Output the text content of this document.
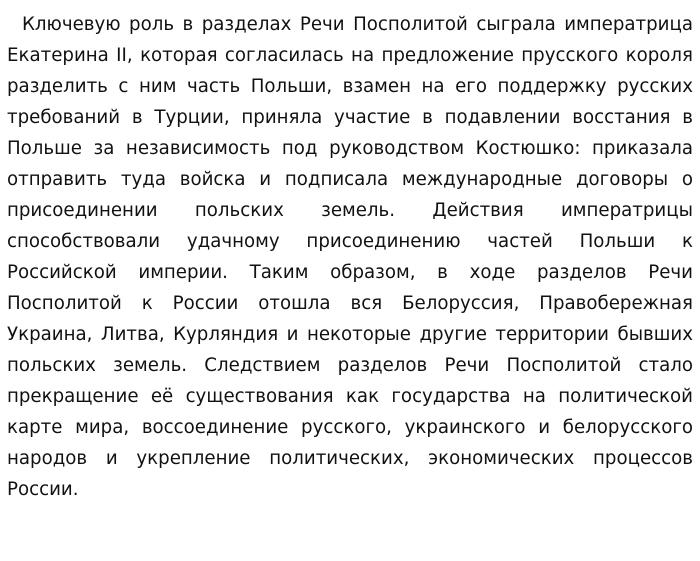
Ключевую роль в разделах Речи Посполитой сыграла императрица
Екатерина II, которая согласилась на предложение прусского короля
разделить с ним часть Польши, взамен на его поддержку русских
требований в Турции, приняла участие в подавлении восстания в
Польше за независимость под руководством Костюшко: приказала
отправить туда войска и подписала международные договоры о
присоединении польских земель. Действия императрицы
способствовали удачному присоединению частей Польши к
Российской империи. Таким образом, в ходе разделов Речи
Посполитой к России отошла вся Белоруссия, Правобережная
Украина, Литва, Курляндия и некоторые другие территории бывших
польских земель. Следствием разделов Речи Посполитой стало
прекращение её существования как государства на политической
карте мира, воссоединение русского, украинского и белорусского
народов и укрепление политических, экономических процессов
России.
